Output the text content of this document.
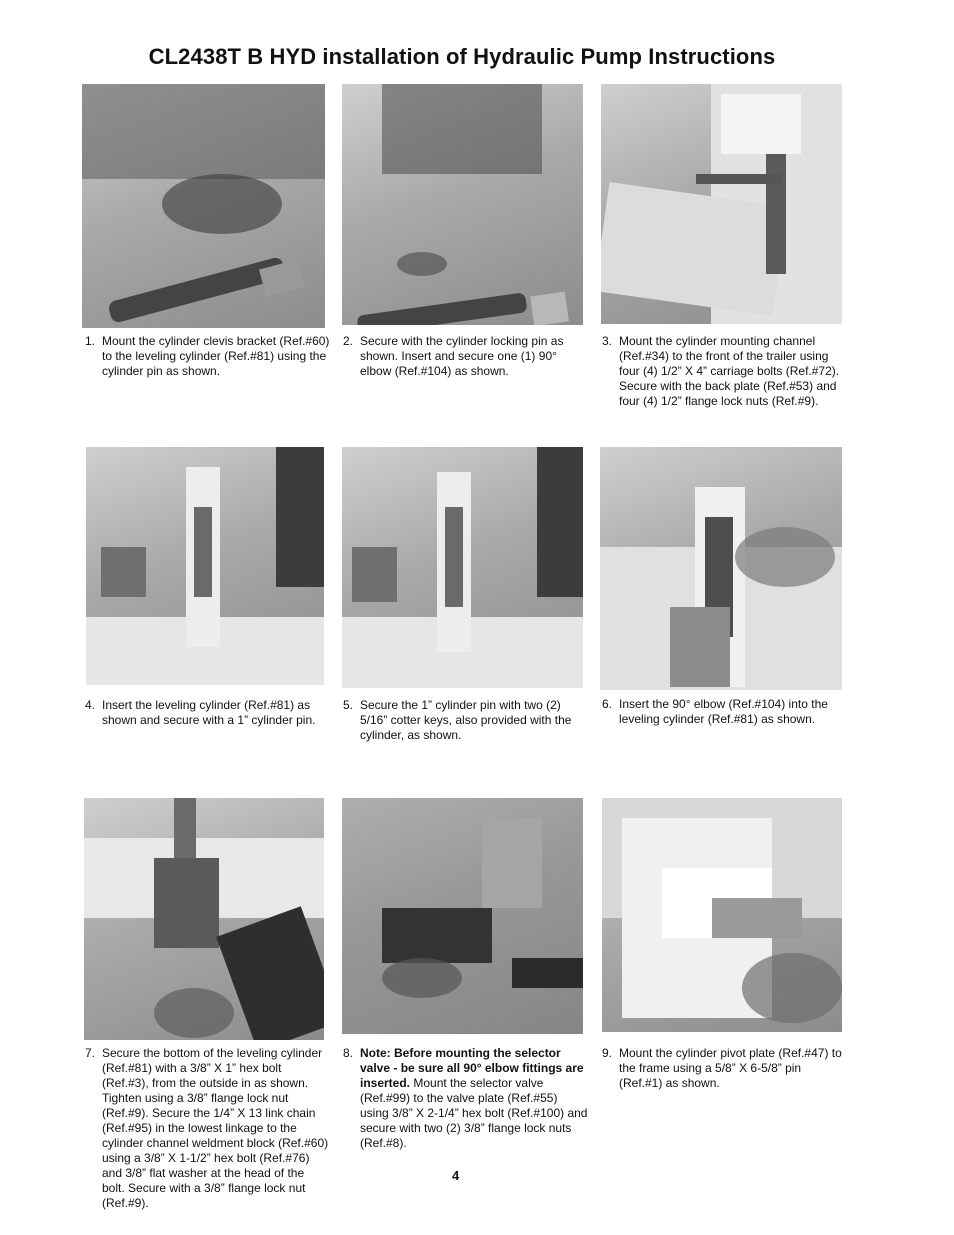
CL2438T B HYD installation of Hydraulic Pump Instructions
1. Mount the cylinder clevis bracket (Ref.#60) to the leveling cylinder (Ref.#81) using the cylinder pin as shown.
2. Secure with the cylinder locking pin as shown. Insert and secure one (1) 90° elbow (Ref.#104) as shown.
3. Mount the cylinder mounting channel (Ref.#34) to the front of the trailer using four (4) 1/2” X 4” carriage bolts (Ref.#72). Secure with the back plate (Ref.#53) and four (4) 1/2” flange lock nuts (Ref.#9).
4. Insert the leveling cylinder (Ref.#81) as shown and secure with a 1” cylinder pin.
5. Secure the 1” cylinder pin with two (2) 5/16” cotter keys, also provided with the cylinder, as shown.
6. Insert the 90° elbow (Ref.#104) into the leveling cylinder (Ref.#81) as shown.
7. Secure the bottom of the leveling cylinder (Ref.#81) with a 3/8” X 1” hex bolt (Ref.#3), from the outside in as shown. Tighten using a 3/8” flange lock nut (Ref.#9). Secure the 1/4” X 13 link chain (Ref.#95) in the lowest linkage to the cylinder channel weldment block (Ref.#60) using a 3/8” X 1-1/2” hex bolt (Ref.#76) and 3/8” flat washer at the head of the bolt. Secure with a 3/8” flange lock nut (Ref.#9).
8. Note: Before mounting the selector valve - be sure all 90° elbow fittings are inserted. Mount the selector valve (Ref.#99) to the valve plate (Ref.#55) using 3/8” X 2-1/4” hex bolt (Ref.#100) and secure with two (2) 3/8” flange lock nuts (Ref.#8).
9. Mount the cylinder pivot plate (Ref.#47) to the frame using a 5/8” X 6-5/8” pin (Ref.#1) as shown.
4
